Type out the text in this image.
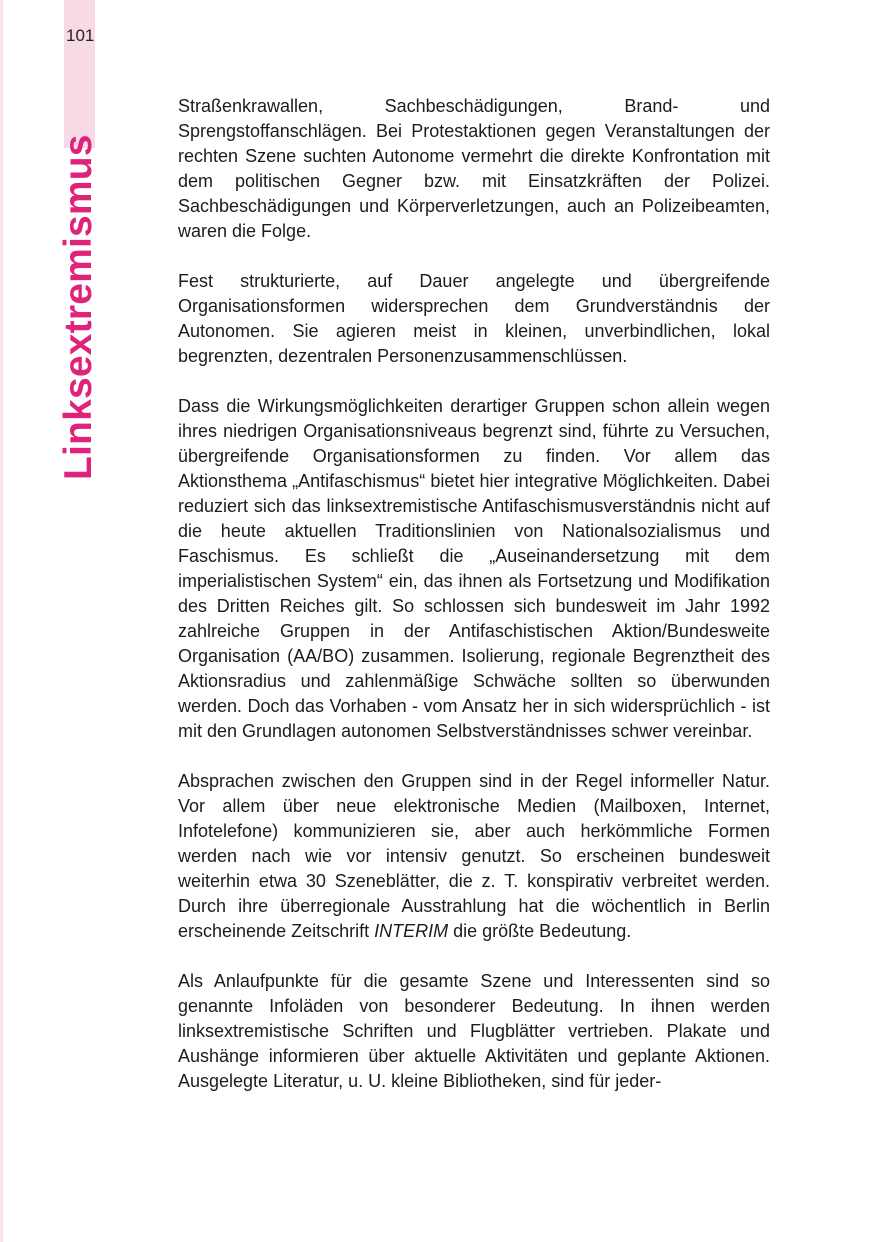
101
Linksextremismus

Straßenkrawallen, Sachbeschädigungen, Brand- und Sprengstoffanschlägen. Bei Protestaktionen gegen Veranstaltungen der rechten Szene suchten Autonome vermehrt die direkte Konfrontation mit dem politischen Gegner bzw. mit Einsatzkräften der Polizei. Sachbeschädigungen und Körperverletzungen, auch an Polizeibeamten, waren die Folge.

Fest strukturierte, auf Dauer angelegte und übergreifende Organisationsformen widersprechen dem Grundverständnis der Autonomen. Sie agieren meist in kleinen, unverbindlichen, lokal begrenzten, dezentralen Personenzusammenschlüssen.

Dass die Wirkungsmöglichkeiten derartiger Gruppen schon allein wegen ihres niedrigen Organisationsniveaus begrenzt sind, führte zu Versuchen, übergreifende Organisationsformen zu finden. Vor allem das Aktionsthema „Antifaschismus“ bietet hier integrative Möglichkeiten. Dabei reduziert sich das linksextremistische Antifaschismusverständnis nicht auf die heute aktuellen Traditionslinien von Nationalsozialismus und Faschismus. Es schließt die „Auseinandersetzung mit dem imperialistischen System“ ein, das ihnen als Fortsetzung und Modifikation des Dritten Reiches gilt. So schlossen sich bundesweit im Jahr 1992 zahlreiche Gruppen in der Antifaschistischen Aktion/Bundesweite Organisation (AA/BO) zusammen. Isolierung, regionale Begrenztheit des Aktionsradius und zahlenmäßige Schwäche sollten so überwunden werden. Doch das Vorhaben - vom Ansatz her in sich widersprüchlich - ist mit den Grundlagen autonomen Selbstverständnisses schwer vereinbar.

Absprachen zwischen den Gruppen sind in der Regel informeller Natur. Vor allem über neue elektronische Medien (Mailboxen, Internet, Infotelefone) kommunizieren sie, aber auch herkömmliche Formen werden nach wie vor intensiv genutzt. So erscheinen bundesweit weiterhin etwa 30 Szeneblätter, die z. T. konspirativ verbreitet werden. Durch ihre überregionale Ausstrahlung hat die wöchentlich in Berlin erscheinende Zeitschrift INTERIM die größte Bedeutung.

Als Anlaufpunkte für die gesamte Szene und Interessenten sind so genannte Infoläden von besonderer Bedeutung. In ihnen werden linksextremistische Schriften und Flugblätter vertrieben. Plakate und Aushänge informieren über aktuelle Aktivitäten und geplante Aktionen. Ausgelegte Literatur, u. U. kleine Bibliotheken, sind für jeder-
